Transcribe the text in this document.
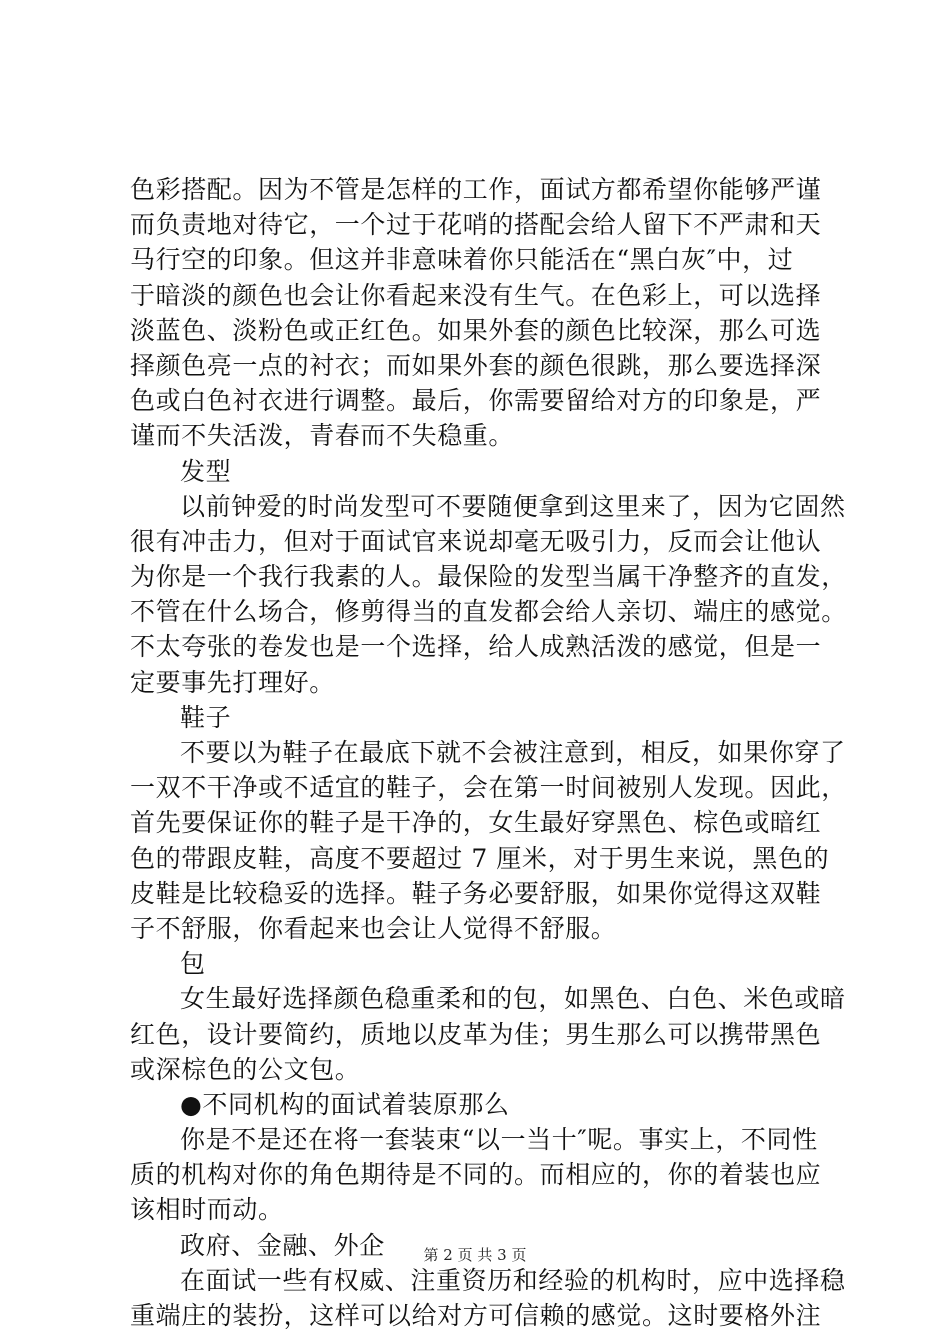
色彩搭配。因为不管是怎样的工作，面试方都希望你能够严谨
而负责地对待它，一个过于花哨的搭配会给人留下不严肃和天
马行空的印象。但这并非意味着你只能活在“黑白灰″中，过
于暗淡的颜色也会让你看起来没有生气。在色彩上，可以选择
淡蓝色、淡粉色或正红色。如果外套的颜色比较深，那么可选
择颜色亮一点的衬衣；而如果外套的颜色很跳，那么要选择深
色或白色衬衣进行调整。最后，你需要留给对方的印象是，严
谨而不失活泼，青春而不失稳重。
发型
以前钟爱的时尚发型可不要随便拿到这里来了，因为它固然
很有冲击力，但对于面试官来说却毫无吸引力，反而会让他认
为你是一个我行我素的人。最保险的发型当属干净整齐的直发，
不管在什么场合，修剪得当的直发都会给人亲切、端庄的感觉。
不太夸张的卷发也是一个选择，给人成熟活泼的感觉，但是一
定要事先打理好。
鞋子
不要以为鞋子在最底下就不会被注意到，相反，如果你穿了
一双不干净或不适宜的鞋子，会在第一时间被别人发现。因此，
首先要保证你的鞋子是干净的，女生最好穿黑色、棕色或暗红
色的带跟皮鞋，高度不要超过 7 厘米，对于男生来说，黑色的
皮鞋是比较稳妥的选择。鞋子务必要舒服，如果你觉得这双鞋
子不舒服，你看起来也会让人觉得不舒服。
包
女生最好选择颜色稳重柔和的包，如黑色、白色、米色或暗
红色，设计要简约，质地以皮革为佳；男生那么可以携带黑色
或深棕色的公文包。
●不同机构的面试着装原那么
你是不是还在将一套装束“以一当十″呢。事实上，不同性
质的机构对你的角色期待是不同的。而相应的，你的着装也应
该相时而动。
政府、金融、外企
在面试一些有权威、注重资历和经验的机构时，应中选择稳
重端庄的装扮，这样可以给对方可信赖的感觉。这时要格外注
第 2 页 共 3 页
